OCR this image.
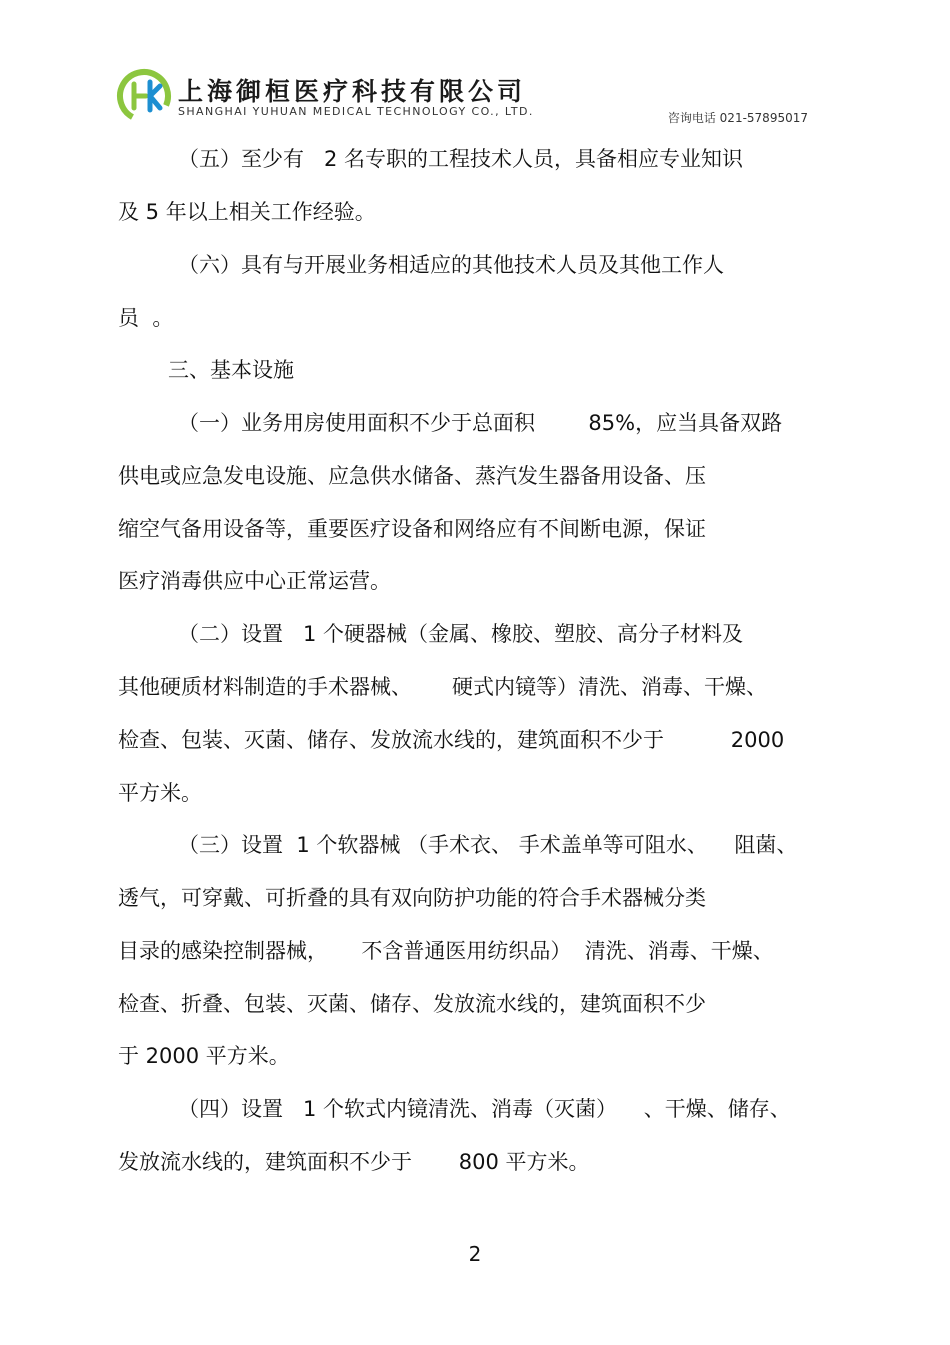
上海御桓医疗科技有限公司
SHANGHAI YUHUAN MEDICAL TECHNOLOGY CO., LTD.	咨询电话 021-57895017
（五）至少有   2 名专职的工程技术人员，具备相应专业知识
及 5 年以上相关工作经验。
（六）具有与开展业务相适应的其他技术人员及其他工作人
员  。
三、基本设施
（一）业务用房使用面积不少于总面积        85%，应当具备双路
供电或应急发电设施、应急供水储备、蒸汽发生器备用设备、压
缩空气备用设备等，重要医疗设备和网络应有不间断电源，保证
医疗消毒供应中心正常运营。
（二）设置   1 个硬器械（金属、橡胶、塑胶、高分子材料及
其他硬质材料制造的手术器械、      硬式内镜等）清洗、消毒、干燥、
检查、包装、灭菌、储存、发放流水线的，建筑面积不少于          2000
平方米。
（三）设置  1 个软器械 （手术衣、 手术盖单等可阻水、    阻菌、
透气，可穿戴、可折叠的具有双向防护功能的符合手术器械分类
目录的感染控制器械，     不含普通医用纺织品）  清洗、消毒、干燥、
检查、折叠、包装、灭菌、储存、发放流水线的，建筑面积不少
于 2000 平方米。
（四）设置   1 个软式内镜清洗、消毒（灭菌）    、干燥、储存、
发放流水线的，建筑面积不少于       800 平方米。
2
